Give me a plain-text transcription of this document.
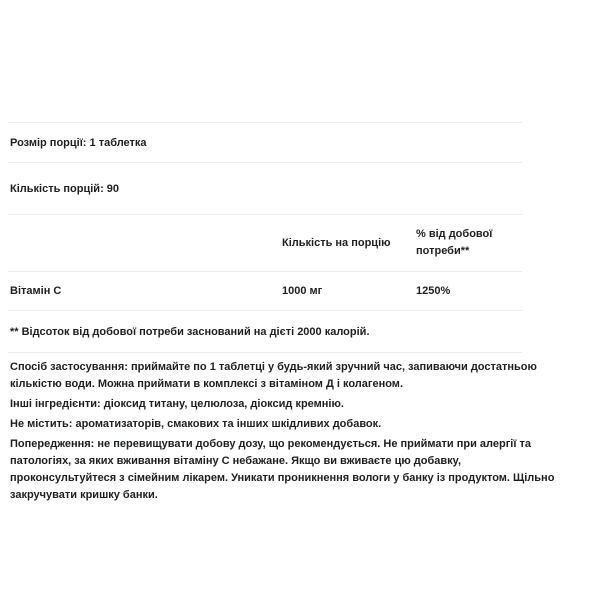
Розмір порції: 1 таблетка
Кількість порцій: 90
Кількість на порцію
% від добової потреби**
Вітамін С	1000 мг	1250%
** Відсоток від добової потреби заснований на дієті 2000 калорій.

Спосіб застосування: приймайте по 1 таблетці у будь-який зручний час, запиваючи достатньою кількістю води. Можна приймати в комплексі з вітаміном Д і колагеном.

Інші інгредієнти: діоксид титану, целюлоза, діоксид кремнію.

Не містить: ароматизаторів, смакових та інших шкідливих добавок.

Попередження: не перевищувати добову дозу, що рекомендується. Не приймати при алергії та патологіях, за яких вживання вітаміну С небажане. Якщо ви вживаєте цю добавку, проконсультуйтеся з сімейним лікарем. Уникати проникнення вологи у банку із продуктом. Щільно закручувати кришку банки.
